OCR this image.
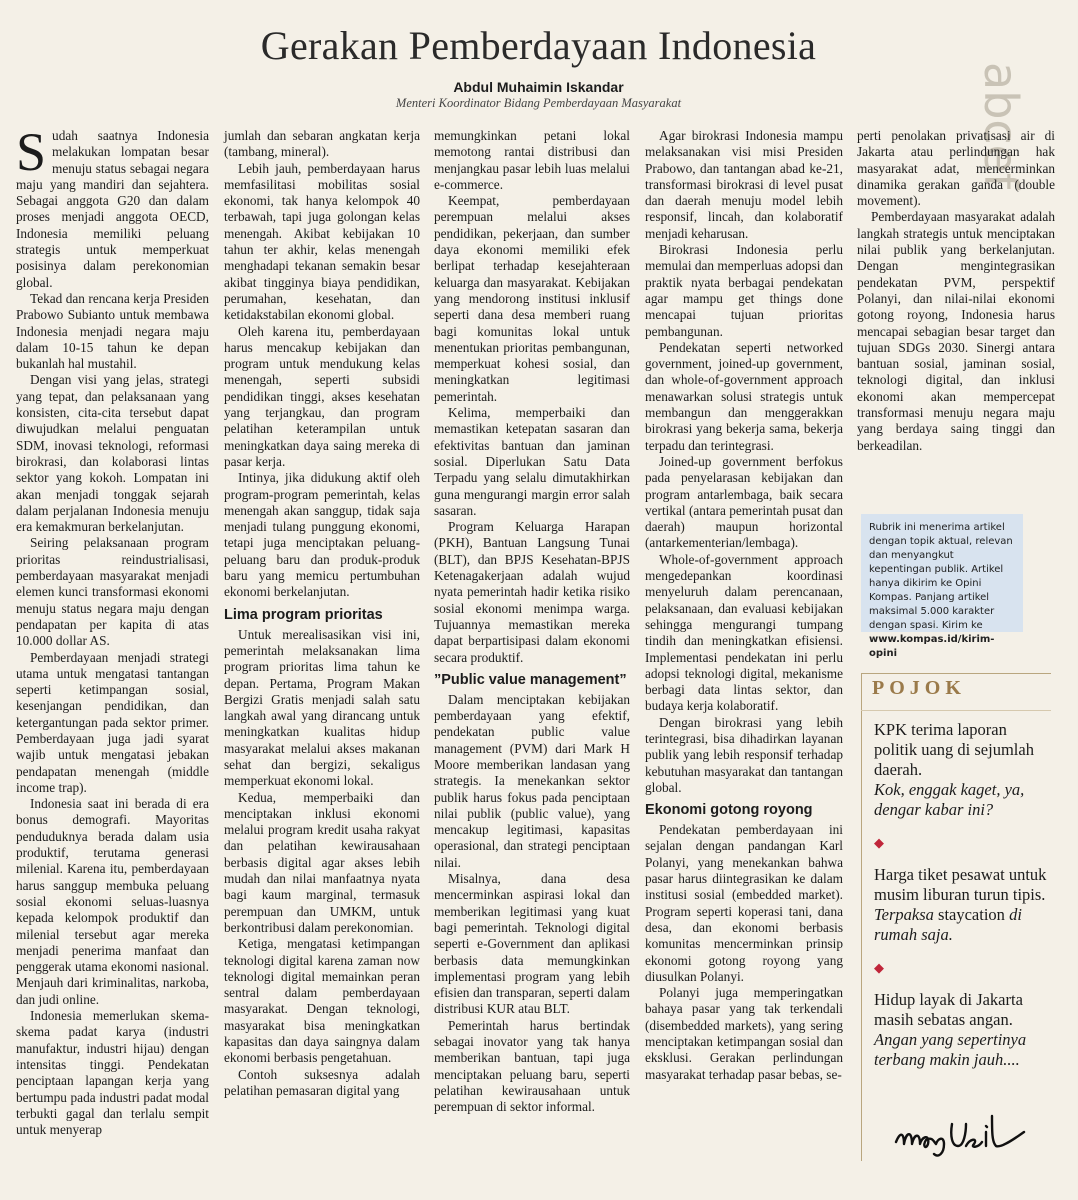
abcef
Gerakan Pemberdayaan Indonesia
Abdul Muhaimin Iskandar
Menteri Koordinator Bidang Pemberdayaan Masyarakat

Sudah saatnya Indonesia melakukan lompatan besar menuju status sebagai negara maju yang mandiri dan sejahtera. Sebagai anggota G20 dan dalam proses menjadi anggota OECD, Indonesia memiliki peluang strategis untuk memperkuat posisinya dalam perekonomian global.

Tekad dan rencana kerja Presiden Prabowo Subianto untuk membawa Indonesia menjadi negara maju dalam 10-15 tahun ke depan bukanlah hal mustahil.

Dengan visi yang jelas, strategi yang tepat, dan pelaksanaan yang konsisten, cita-cita tersebut dapat diwujudkan melalui penguatan SDM, inovasi teknologi, reformasi birokrasi, dan kolaborasi lintas sektor yang kokoh. Lompatan ini akan menjadi tonggak sejarah dalam perjalanan Indonesia menuju era kemakmuran berkelanjutan.

Seiring pelaksanaan program prioritas reindustrialisasi, pemberdayaan masyarakat menjadi elemen kunci transformasi ekonomi menuju status negara maju dengan pendapatan per kapita di atas 10.000 dollar AS.

Pemberdayaan menjadi strategi utama untuk mengatasi tantangan seperti ketimpangan sosial, kesenjangan pendidikan, dan ketergantungan pada sektor primer. Pemberdayaan juga jadi syarat wajib untuk mengatasi jebakan pendapatan menengah (middle income trap).

Indonesia saat ini berada di era bonus demografi. Mayoritas penduduknya berada dalam usia produktif, terutama generasi milenial. Karena itu, pemberdayaan harus sanggup membuka peluang sosial ekonomi seluas-luasnya kepada kelompok produktif dan milenial tersebut agar mereka menjadi penerima manfaat dan penggerak utama ekonomi nasional. Menjauh dari kriminalitas, narkoba, dan judi online.

Indonesia memerlukan skema-skema padat karya (industri manufaktur, industri hijau) dengan intensitas tinggi. Pendekatan penciptaan lapangan kerja yang bertumpu pada industri padat modal terbukti gagal dan terlalu sempit untuk menyerap

jumlah dan sebaran angkatan kerja (tambang, mineral).

Lebih jauh, pemberdayaan harus memfasilitasi mobilitas sosial ekonomi, tak hanya kelompok 40 terbawah, tapi juga golongan kelas menengah. Akibat kebijakan 10 tahun ter akhir, kelas menengah menghadapi tekanan semakin besar akibat tingginya biaya pendidikan, perumahan, kesehatan, dan ketidakstabilan ekonomi global.

Oleh karena itu, pemberdayaan harus mencakup kebijakan dan program untuk mendukung kelas menengah, seperti subsidi pendidikan tinggi, akses kesehatan yang terjangkau, dan program pelatihan keterampilan untuk meningkatkan daya saing mereka di pasar kerja.

Intinya, jika didukung aktif oleh program-program pemerintah, kelas menengah akan sanggup, tidak saja menjadi tulang punggung ekonomi, tetapi juga menciptakan peluang-peluang baru dan produk-produk baru yang memicu pertumbuhan ekonomi berkelanjutan.

Lima program prioritas

Untuk merealisasikan visi ini, pemerintah melaksanakan lima program prioritas lima tahun ke depan. Pertama, Program Makan Bergizi Gratis menjadi salah satu langkah awal yang dirancang untuk meningkatkan kualitas hidup masyarakat melalui akses makanan sehat dan bergizi, sekaligus memperkuat ekonomi lokal.

Kedua, memperbaiki dan menciptakan inklusi ekonomi melalui program kredit usaha rakyat dan pelatihan kewirausahaan berbasis digital agar akses lebih mudah dan nilai manfaatnya nyata bagi kaum marginal, termasuk perempuan dan UMKM, untuk berkontribusi dalam perekonomian.

Ketiga, mengatasi ketimpangan teknologi digital karena zaman now teknologi digital memainkan peran sentral dalam pemberdayaan masyarakat. Dengan teknologi, masyarakat bisa meningkatkan kapasitas dan daya saingnya dalam ekonomi berbasis pengetahuan.

Contoh suksesnya adalah pelatihan pemasaran digital yang

memungkinkan petani lokal memotong rantai distribusi dan menjangkau pasar lebih luas melalui e-commerce.

Keempat, pemberdayaan perempuan melalui akses pendidikan, pekerjaan, dan sumber daya ekonomi memiliki efek berlipat terhadap kesejahteraan keluarga dan masyarakat. Kebijakan yang mendorong institusi inklusif seperti dana desa memberi ruang bagi komunitas lokal untuk menentukan prioritas pembangunan, memperkuat kohesi sosial, dan meningkatkan legitimasi pemerintah.

Kelima, memperbaiki dan memastikan ketepatan sasaran dan efektivitas bantuan dan jaminan sosial. Diperlukan Satu Data Terpadu yang selalu dimutakhirkan guna mengurangi margin error salah sasaran.

Program Keluarga Harapan (PKH), Bantuan Langsung Tunai (BLT), dan BPJS Kesehatan-BPJS Ketenagakerjaan adalah wujud nyata pemerintah hadir ketika risiko sosial ekonomi menimpa warga. Tujuannya memastikan mereka dapat berpartisipasi dalam ekonomi secara produktif.

”Public value management”

Dalam menciptakan kebijakan pemberdayaan yang efektif, pendekatan public value management (PVM) dari Mark H Moore memberikan landasan yang strategis. Ia menekankan sektor publik harus fokus pada penciptaan nilai publik (public value), yang mencakup legitimasi, kapasitas operasional, dan strategi penciptaan nilai.

Misalnya, dana desa mencerminkan aspirasi lokal dan memberikan legitimasi yang kuat bagi pemerintah. Teknologi digital seperti e-Government dan aplikasi berbasis data memungkinkan implementasi program yang lebih efisien dan transparan, seperti dalam distribusi KUR atau BLT.

Pemerintah harus bertindak sebagai inovator yang tak hanya memberikan bantuan, tapi juga menciptakan peluang baru, seperti pelatihan kewirausahaan untuk perempuan di sektor informal.

Agar birokrasi Indonesia mampu melaksanakan visi misi Presiden Prabowo, dan tantangan abad ke-21, transformasi birokrasi di level pusat dan daerah menuju model lebih responsif, lincah, dan kolaboratif menjadi keharusan.

Birokrasi Indonesia perlu memulai dan memperluas adopsi dan praktik nyata berbagai pendekatan agar mampu get things done mencapai tujuan prioritas pembangunan.

Pendekatan seperti networked government, joined-up government, dan whole-of-government approach menawarkan solusi strategis untuk membangun dan menggerakkan birokrasi yang bekerja sama, bekerja terpadu dan terintegrasi.

Joined-up government berfokus pada penyelarasan kebijakan dan program antarlembaga, baik secara vertikal (antara pemerintah pusat dan daerah) maupun horizontal (antarkementerian/lembaga).

Whole-of-government approach mengedepankan koordinasi menyeluruh dalam perencanaan, pelaksanaan, dan evaluasi kebijakan sehingga mengurangi tumpang tindih dan meningkatkan efisiensi. Implementasi pendekatan ini perlu adopsi teknologi digital, mekanisme berbagi data lintas sektor, dan budaya kerja kolaboratif.

Dengan birokrasi yang lebih terintegrasi, bisa dihadirkan layanan publik yang lebih responsif terhadap kebutuhan masyarakat dan tantangan global.

Ekonomi gotong royong

Pendekatan pemberdayaan ini sejalan dengan pandangan Karl Polanyi, yang menekankan bahwa pasar harus diintegrasikan ke dalam institusi sosial (embedded market). Program seperti koperasi tani, dana desa, dan ekonomi berbasis komunitas mencerminkan prinsip ekonomi gotong royong yang diusulkan Polanyi.

Polanyi juga memperingatkan bahaya pasar yang tak terkendali (disembedded markets), yang sering menciptakan ketimpangan sosial dan eksklusi. Gerakan perlindungan masyarakat terhadap pasar bebas, se-

perti penolakan privatisasi air di Jakarta atau perlindungan hak masyarakat adat, mencerminkan dinamika gerakan ganda (double movement).

Pemberdayaan masyarakat adalah langkah strategis untuk menciptakan nilai publik yang berkelanjutan. Dengan mengintegrasikan pendekatan PVM, perspektif Polanyi, dan nilai-nilai ekonomi gotong royong, Indonesia harus mencapai sebagian besar target dan tujuan SDGs 2030. Sinergi antara bantuan sosial, jaminan sosial, teknologi digital, dan inklusi ekonomi akan mempercepat transformasi menuju negara maju yang berdaya saing tinggi dan berkeadilan.

Rubrik ini menerima artikel dengan topik aktual, relevan dan menyangkut kepentingan publik. Artikel hanya dikirim ke Opini Kompas. Panjang artikel maksimal 5.000 karakter dengan spasi. Kirim ke www.kompas.id/kirim-opini
POJOK
KPK terima laporan politik uang di sejumlah daerah.
Kok, enggak kaget, ya, dengar kabar ini?
◆
Harga tiket pesawat untuk musim liburan turun tipis.
Terpaksa staycation di rumah saja.
◆
Hidup layak di Jakarta masih sebatas angan.
Angan yang sepertinya terbang makin jauh....
